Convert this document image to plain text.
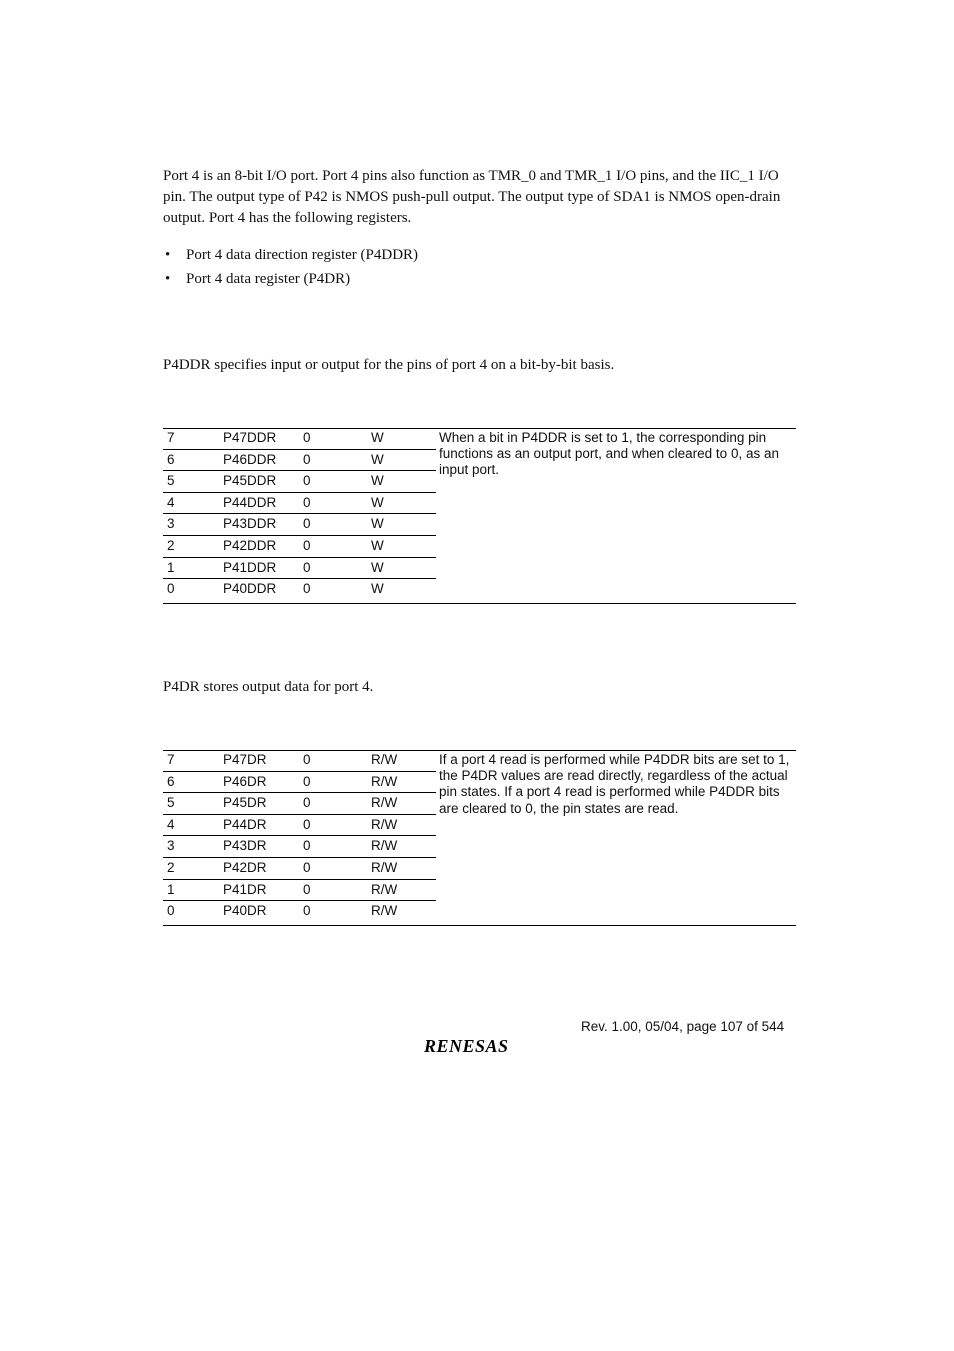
Port 4 is an 8-bit I/O port. Port 4 pins also function as TMR_0 and TMR_1 I/O pins, and the IIC_1 I/O pin. The output type of P42 is NMOS push-pull output. The output type of SDA1 is NMOS open-drain output. Port 4 has the following registers.
• Port 4 data direction register (P4DDR)
• Port 4 data register (P4DR)
P4DDR specifies input or output for the pins of port 4 on a bit-by-bit basis.
7	P47DDR 0	W
6	P46DDR 0	W
5	P45DDR 0	W
4	P44DDR 0	W
3	P43DDR 0	W
2	P42DDR 0	W
1	P41DDR 0	W
0	P40DDR 0	W
When a bit in P4DDR is set to 1, the corresponding pin functions as an output port, and when cleared to 0, as an input port.
P4DR stores output data for port 4.
7	P47DR	0	R/W
6	P46DR	0	R/W
5	P45DR	0	R/W
4	P44DR	0	R/W
3	P43DR	0	R/W
2	P42DR	0	R/W
1	P41DR	0	R/W
0	P40DR	0	R/W
If a port 4 read is performed while P4DDR bits are set to 1, the P4DR values are read directly, regardless of the actual pin states. If a port 4 read is performed while P4DDR bits are cleared to 0, the pin states are read.
Rev. 1.00, 05/04, page 107 of 544
RENESAS
